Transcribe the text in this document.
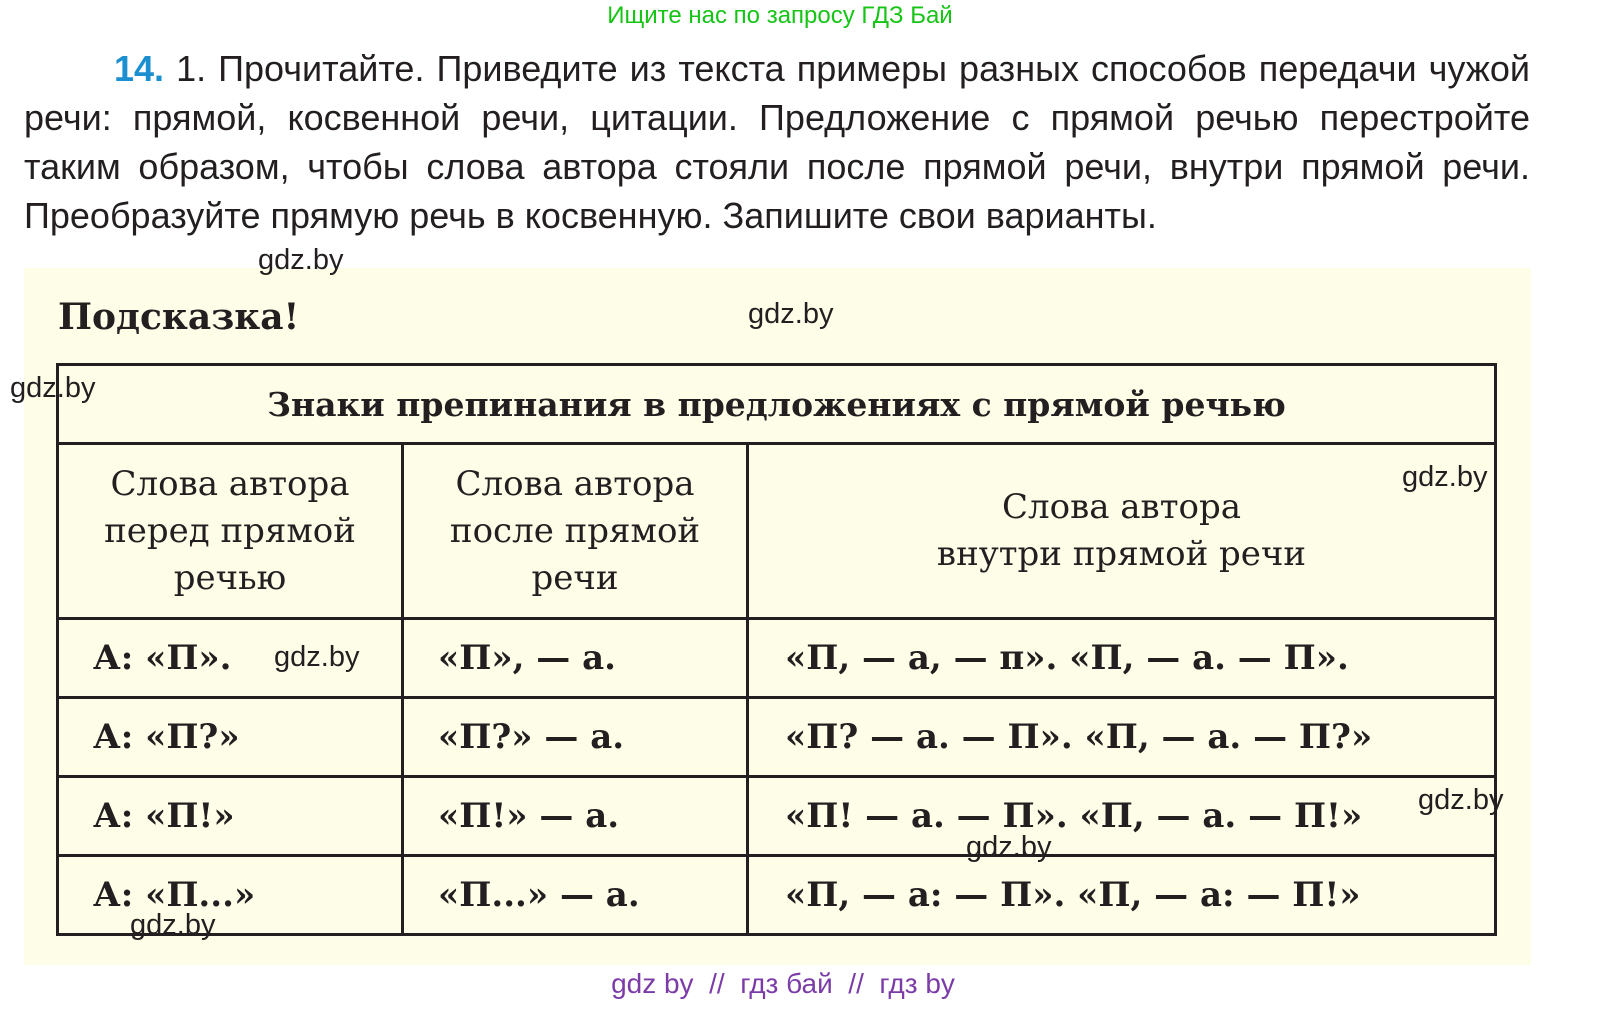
Ищите нас по запросу ГДЗ Бай
14. 1. Прочитайте. Приведите из текста примеры разных способов передачи чужой речи: прямой, косвенной речи, цитации. Предложение с прямой речью перестройте таким образом, чтобы слова автора стояли после прямой речи, внутри прямой речи. Преобразуйте прямую речь в косвенную. Запишите свои варианты.
Подсказка!
Знаки препинания в предложениях с прямой речью		
Слова автора
перед прямой
речью	Слова автора
после прямой
речи	Слова автора
внутри прямой речи
А: «П».	«П», — а.	«П, — а, — п». «П, — а. — П».
А: «П?»	«П?» — а.	«П? — а. — П». «П, — а. — П?»
А: «П!»	«П!» — а.	«П! — а. — П». «П, — а. — П!»
А: «П...»	«П...» — а.	«П, — а: — П». «П, — а: — П!»
gdz.by
gdz.by
gdz.by
gdz.by
gdz.by
gdz.by
gdz.by
gdz.by
gdz by  //  гдз бай  //  гдз by
